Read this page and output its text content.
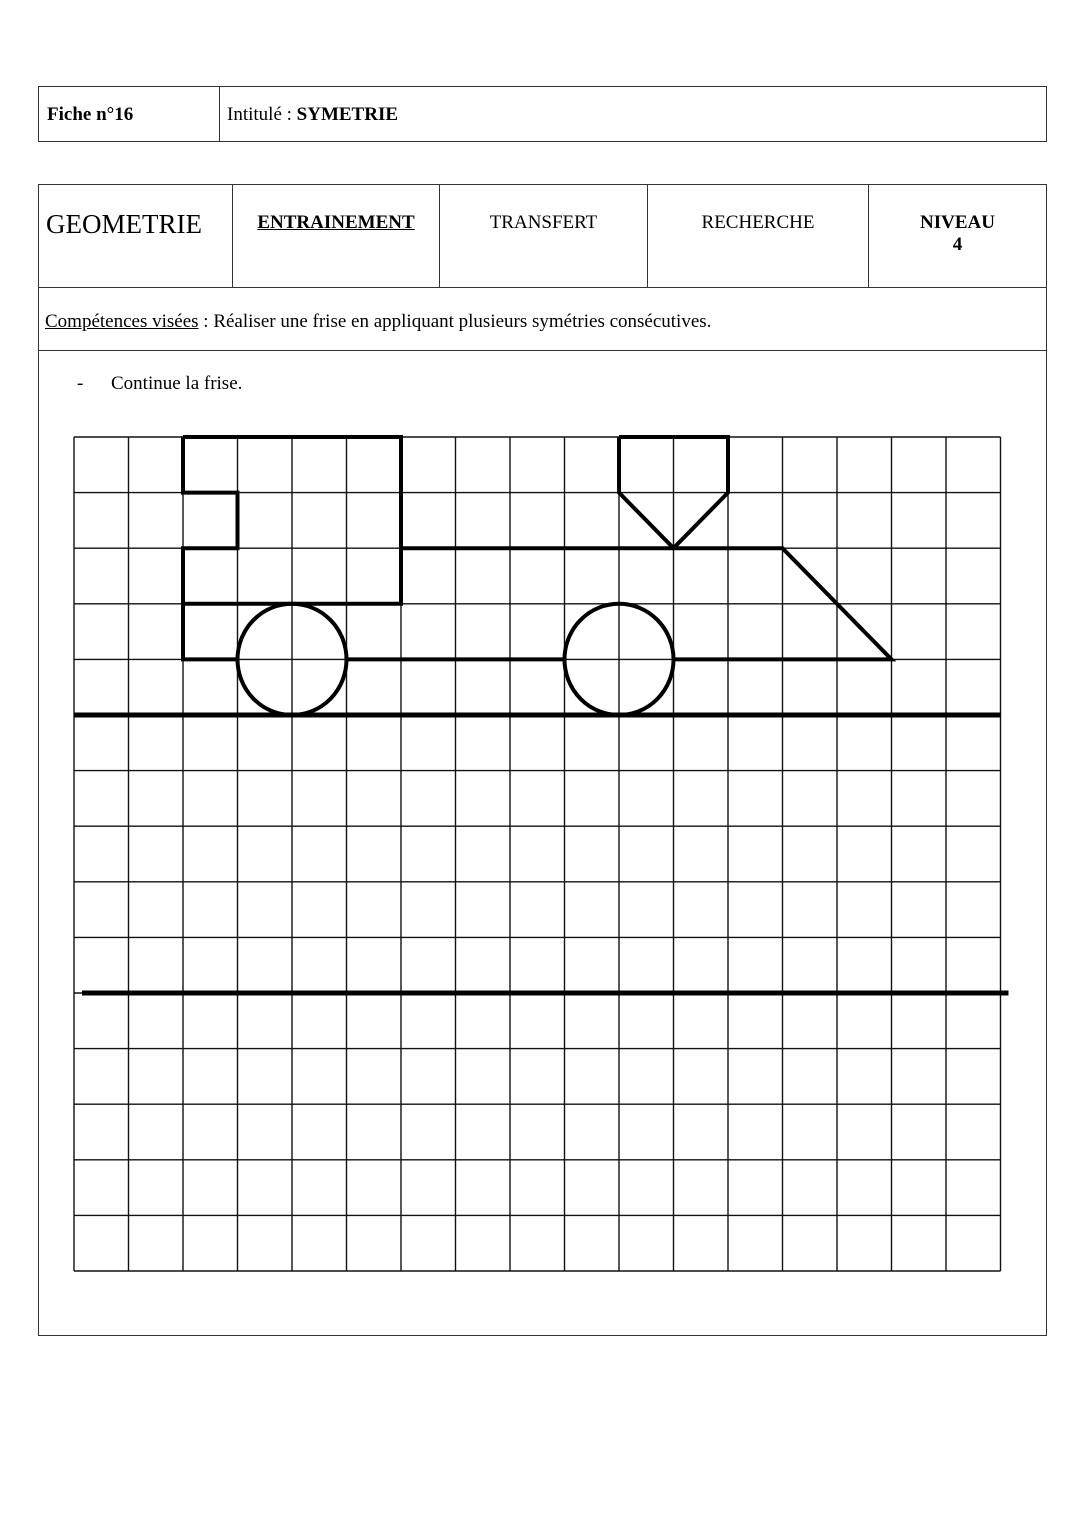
Fiche n°16	Intitulé : SYMETRIE
GEOMETRIE	ENTRAINEMENT	TRANSFERT	RECHERCHE	NIVEAU
4
Compétences visées : Réaliser une frise en appliquant plusieurs symétries consécutives.
- Continue la frise.
